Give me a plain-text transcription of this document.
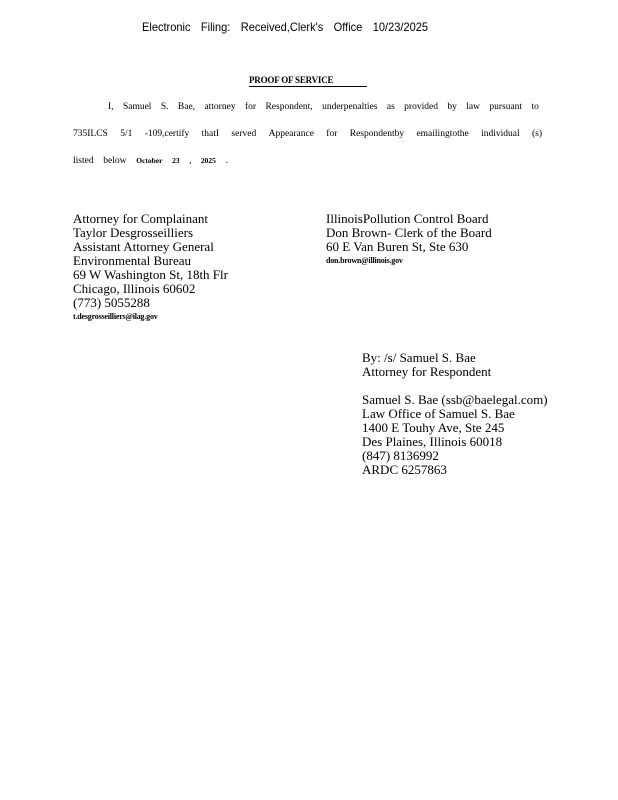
Electronic Filing: Received,Clerk's Office 10/23/2025
PROOF OF SERVICE
I, Samuel S. Bae, attorney for Respondent, underpenalties as provided by law pursuant to
735ILCS 5/1 -109,certify thatI served Appearance for Respondentby emailingtothe individual (s)
listed below October 23 , 2025 .
Attorney for Complainant
Taylor Desgrosseilliers
Assistant Attorney General
Environmental Bureau
69 W Washington St, 18th Flr
Chicago, Illinois 60602
(773) 5055288
t.desgrosseilliers@ilag.gov
IllinoisPollution Control Board
Don Brown- Clerk of the Board
60 E Van Buren St, Ste 630
don.brown@illinois.gov
By: /s/ Samuel S. Bae
Attorney for Respondent
Samuel S. Bae (ssb@baelegal.com)
Law Office of Samuel S. Bae
1400 E Touhy Ave, Ste 245
Des Plaines, Illinois 60018
(847) 8136992
ARDC 6257863
